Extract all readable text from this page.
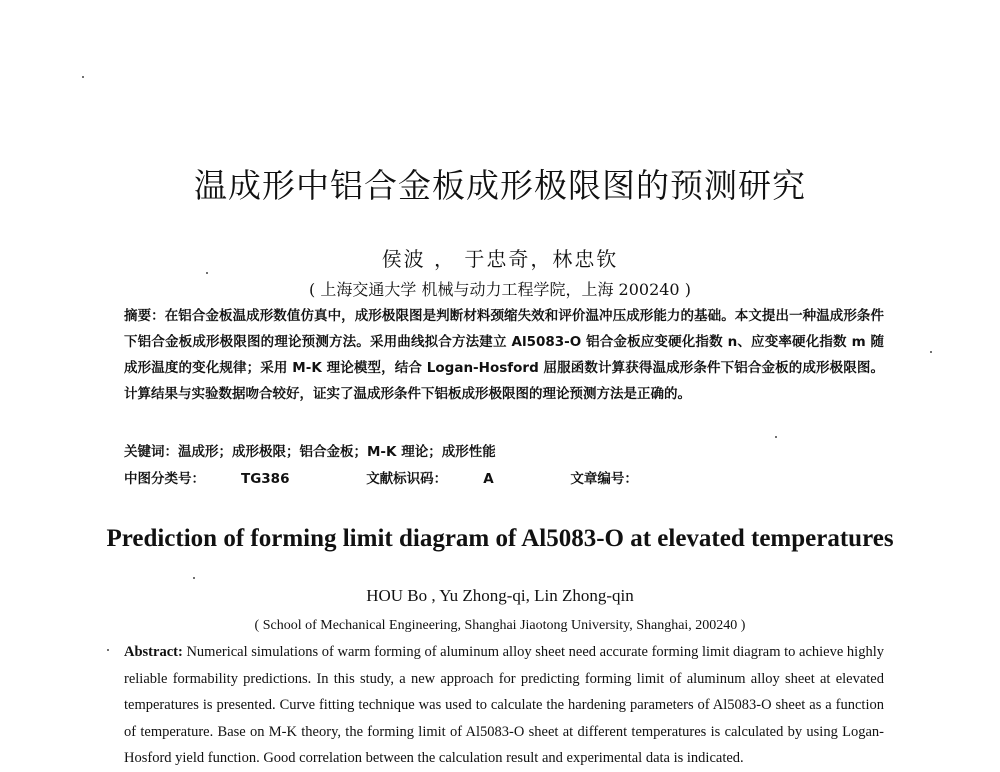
温成形中铝合金板成形极限图的预测研究
侯波 ， 于忠奇，林忠钦
( 上海交通大学 机械与动力工程学院，上海 200240 )
摘要：在铝合金板温成形数值仿真中，成形极限图是判断材料颈缩失效和评价温冲压成形能力的基础。本文提出一种温成形条件下铝合金板成形极限图的理论预测方法。采用曲线拟合方法建立 Al5083-O 铝合金板应变硬化指数 n、应变率硬化指数 m 随成形温度的变化规律；采用 M-K 理论模型，结合 Logan-Hosford 屈服函数计算获得温成形条件下铝合金板的成形极限图。计算结果与实验数据吻合较好，证实了温成形条件下铝板成形极限图的理论预测方法是正确的。
关键词：温成形；成形极限；铝合金板；M-K 理论；成形性能
中图分类号：	TG386	文献标识码：	A	文章编号：
Prediction of forming limit diagram of Al5083-O at elevated temperatures
HOU Bo , Yu Zhong-qi, Lin Zhong-qin
( School of Mechanical Engineering, Shanghai Jiaotong University, Shanghai, 200240 )
Abstract: Numerical simulations of warm forming of aluminum alloy sheet need accurate forming limit diagram to achieve highly reliable formability predictions. In this study, a new approach for predicting forming limit of aluminum alloy sheet at elevated temperatures is presented. Curve fitting technique was used to calculate the hardening parameters of Al5083-O sheet as a function of temperature. Base on M-K theory, the forming limit of Al5083-O sheet at different temperatures is calculated by using Logan-Hosford yield function. Good correlation between the calculation result and experimental data is indicated.
